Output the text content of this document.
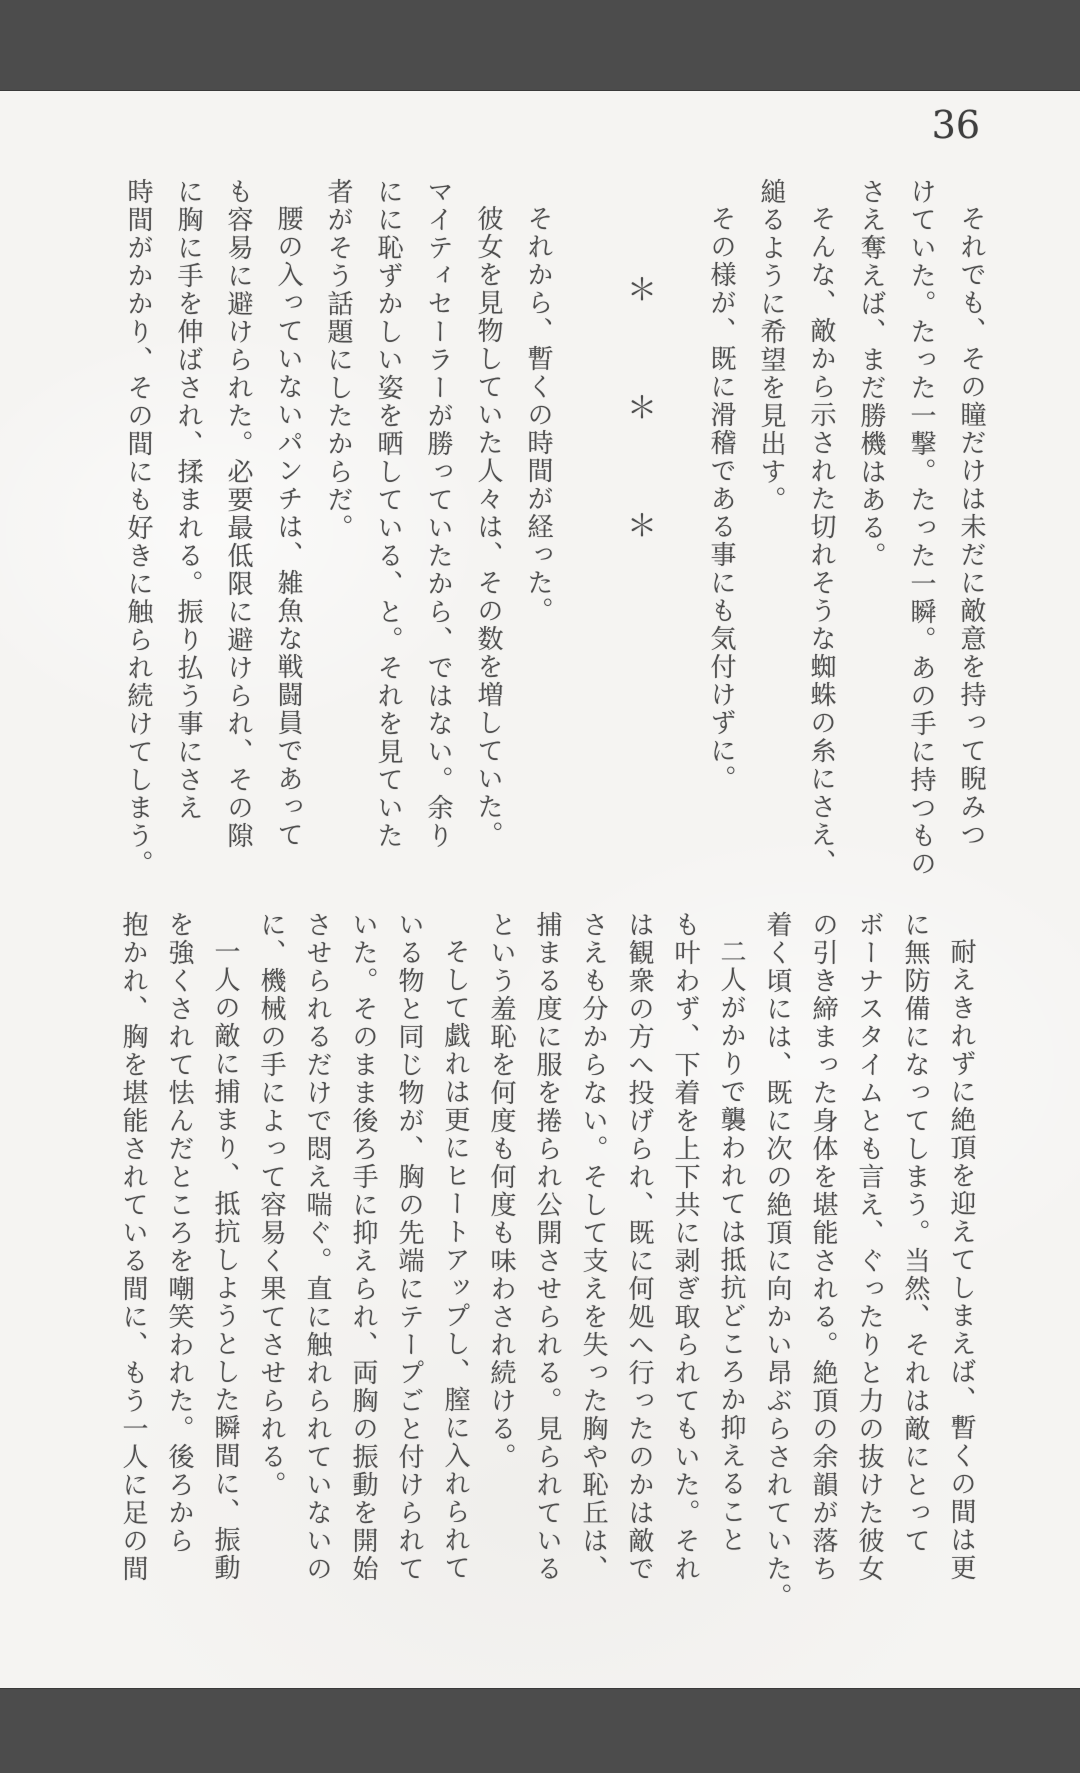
36

それでも、その瞳だけは未だに敵意を持って睨みつ

けていた。たった一撃。たった一瞬。あの手に持つもの

さえ奪えば、まだ勝機はある。

そんな、敵から示された切れそうな蜘蛛の糸にさえ、

縋るように希望を見出す。

その様が、既に滑稽である事にも気付けずに。

＊＊＊

それから、暫くの時間が経った。

彼女を見物していた人々は、その数を増していた。

マイティセーラーが勝っていたから、ではない。余り

にに恥ずかしい姿を晒している、と。それを見ていた

者がそう話題にしたからだ。

腰の入っていないパンチは、雑魚な戦闘員であって

も容易に避けられた。必要最低限に避けられ、その隙

に胸に手を伸ばされ、揉まれる。振り払う事にさえ

時間がかかり、その間にも好きに触られ続けてしまう。

耐えきれずに絶頂を迎えてしまえば、暫くの間は更

に無防備になってしまう。当然、それは敵にとって

ボーナスタイムとも言え、ぐったりと力の抜けた彼女

の引き締まった身体を堪能される。絶頂の余韻が落ち

着く頃には、既に次の絶頂に向かい昂ぶらされていた。

二人がかりで襲われては抵抗どころか抑えること

も叶わず、下着を上下共に剥ぎ取られてもいた。それ

は観衆の方へ投げられ、既に何処へ行ったのかは敵で

さえも分からない。そして支えを失った胸や恥丘は、

捕まる度に服を捲られ公開させられる。見られている

という羞恥を何度も何度も味わされ続ける。

そして戯れは更にヒートアップし、膣に入れられて

いる物と同じ物が、胸の先端にテープごと付けられて

いた。そのまま後ろ手に抑えられ、両胸の振動を開始

させられるだけで悶え喘ぐ。直に触れられていないの

に、機械の手によって容易く果てさせられる。

一人の敵に捕まり、抵抗しようとした瞬間に、振動

を強くされて怯んだところを嘲笑われた。後ろから

抱かれ、胸を堪能されている間に、もう一人に足の間
